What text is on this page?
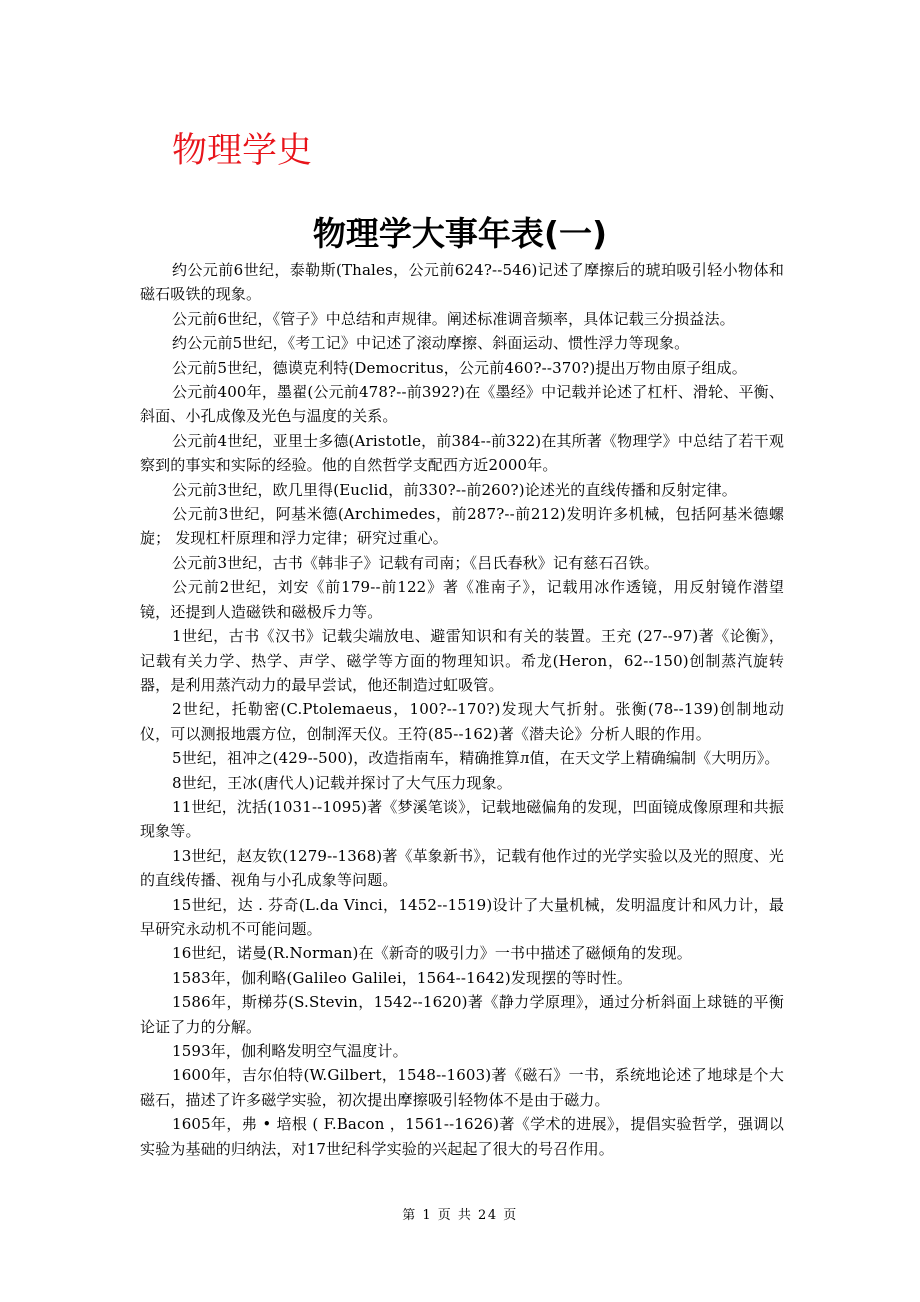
物理学史
物理学大事年表(一)

约公元前6世纪，泰勒斯(Thales，公元前624?--546)记述了摩擦后的琥珀吸引轻小物体和磁石吸铁的现象。

公元前6世纪，《管子》中总结和声规律。阐述标准调音频率，具体记载三分损益法。

约公元前5世纪，《考工记》中记述了滚动摩擦、斜面运动、惯性浮力等现象。

公元前5世纪，德谟克利特(Democritus，公元前460?--370?)提出万物由原子组成。

公元前400年，墨翟(公元前478?--前392?)在《墨经》中记载并论述了杠杆、滑轮、平衡、斜面、小孔成像及光色与温度的关系。

公元前4世纪，亚里士多德(Aristotle，前384--前322)在其所著《物理学》中总结了若干观察到的事实和实际的经验。他的自然哲学支配西方近2000年。

公元前3世纪，欧几里得(Euclid，前330?--前260?)论述光的直线传播和反射定律。

公元前3世纪，阿基米德(Archimedes，前287?--前212)发明许多机械，包括阿基米德螺旋； 发现杠杆原理和浮力定律；研究过重心。

公元前3世纪，古书《韩非子》记载有司南；《吕氏春秋》记有慈石召铁。

公元前2世纪，刘安《前179--前122》著《准南子》，记载用冰作透镜，用反射镜作潜望镜，还提到人造磁铁和磁极斥力等。

1世纪，古书《汉书》记载尖端放电、避雷知识和有关的装置。王充 (27--97)著《论衡》，记载有关力学、热学、声学、磁学等方面的物理知识。希龙(Heron，62--150)创制蒸汽旋转器，是利用蒸汽动力的最早尝试，他还制造过虹吸管。

2世纪，托勒密(C.Ptolemaeus，100?--170?)发现大气折射。张衡(78--139)创制地动仪，可以测报地震方位，创制浑天仪。王符(85--162)著《潜夫论》分析人眼的作用。

5世纪，祖冲之(429--500)，改造指南车，精确推算л值，在天文学上精确编制《大明历》。

8世纪，王冰(唐代人)记载并探讨了大气压力现象。

11世纪，沈括(1031--1095)著《梦溪笔谈》，记载地磁偏角的发现，凹面镜成像原理和共振现象等。

13世纪，赵友钦(1279--1368)著《革象新书》，记载有他作过的光学实验以及光的照度、光的直线传播、视角与小孔成象等问题。

15世纪，达 . 芬奇(L.da Vinci，1452--1519)设计了大量机械，发明温度计和风力计，最早研究永动机不可能问题。

16世纪，诺曼(R.Norman)在《新奇的吸引力》一书中描述了磁倾角的发现。

1583年，伽利略(Galileo Galilei，1564--1642)发现摆的等时性。

1586年，斯梯芬(S.Stevin，1542--1620)著《静力学原理》，通过分析斜面上球链的平衡论证了力的分解。

1593年，伽利略发明空气温度计。

1600年，吉尔伯特(W.Gilbert，1548--1603)著《磁石》一书，系统地论述了地球是个大磁石，描述了许多磁学实验，初次提出摩擦吸引轻物体不是由于磁力。

1605年，弗 • 培根 ( F.Bacon ，1561--1626)著《学术的进展》，提倡实验哲学，强调以实验为基础的归纳法，对17世纪科学实验的兴起起了很大的号召作用。

第 1 页 共 24 页
